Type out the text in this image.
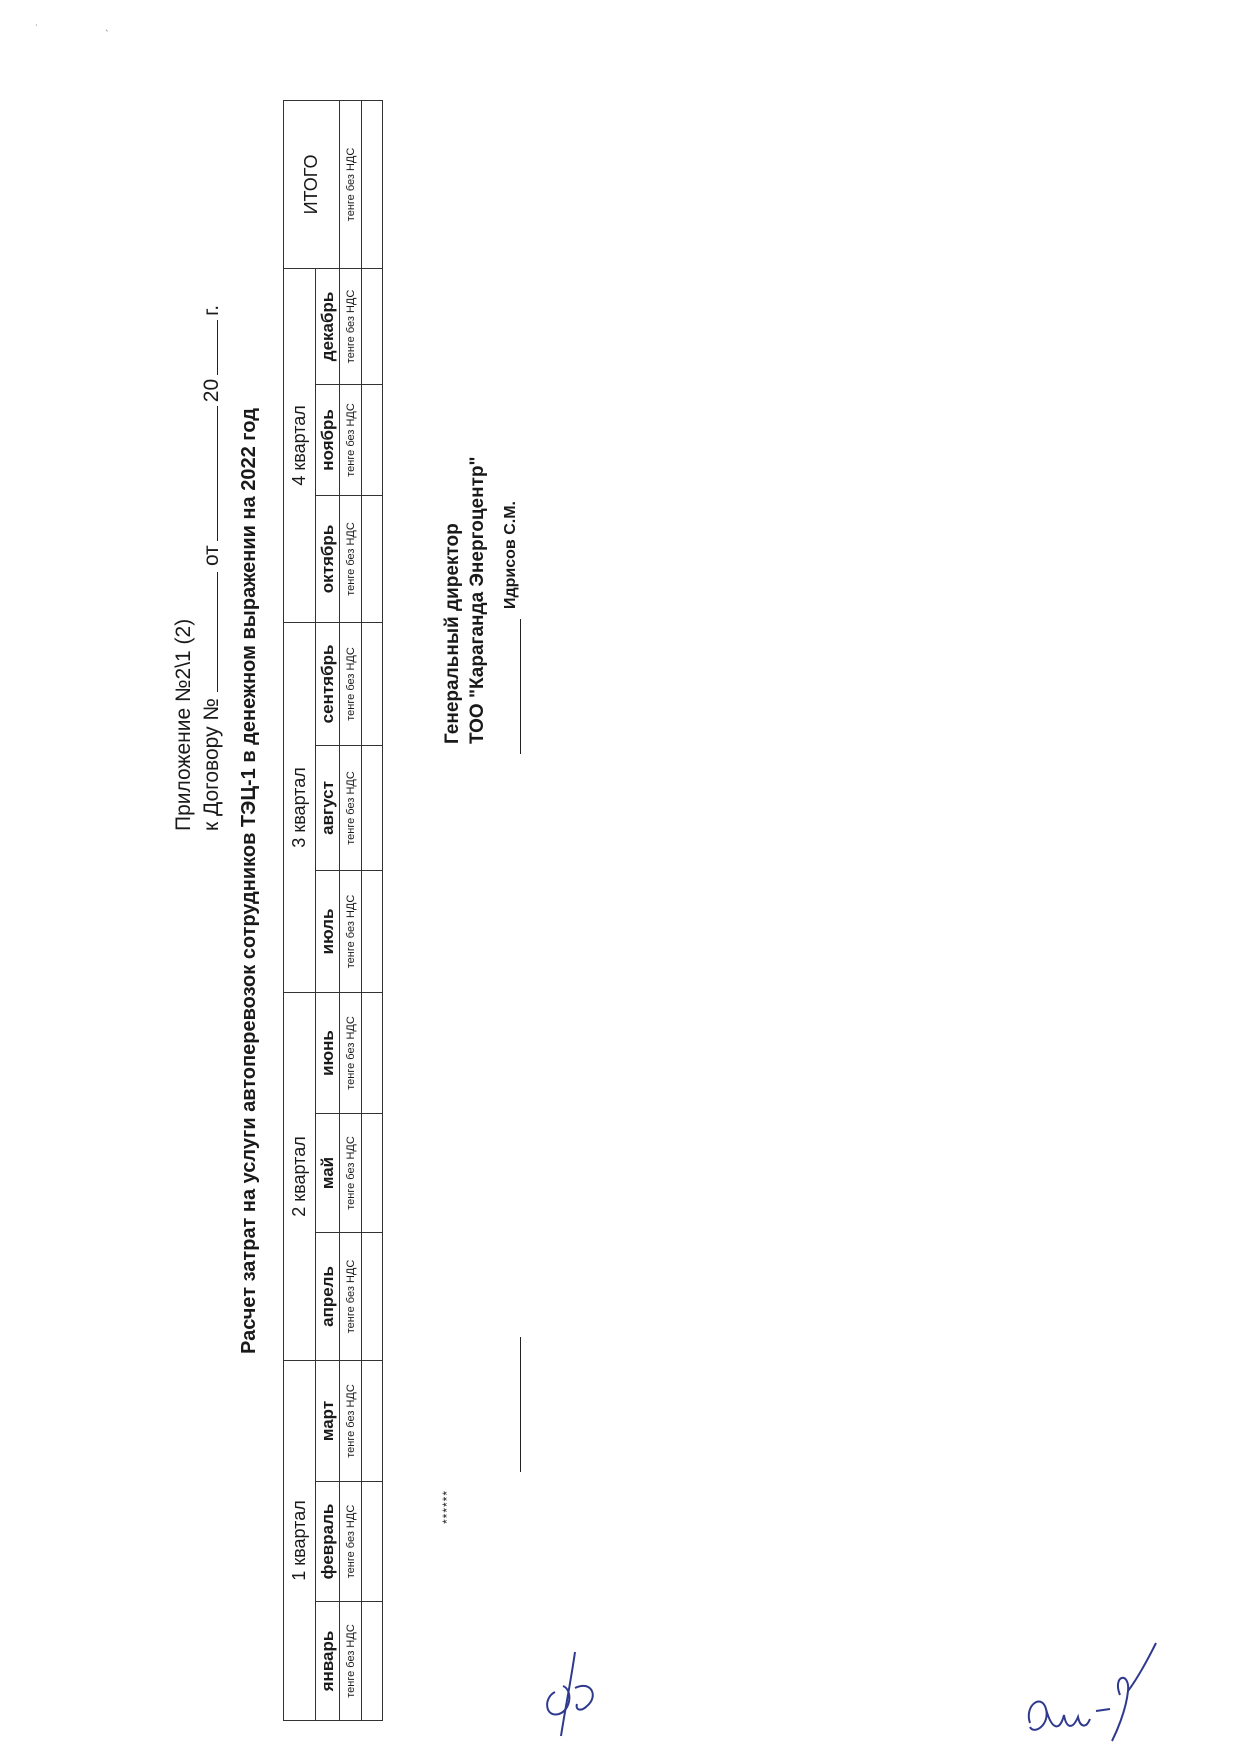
Приложение №2\1 (2) к Договору №от20г.
Расчет затрат на услуги автоперевозок сотрудников ТЭЦ-1 в денежном выражении на 2022 год
1 квартал			2 квартал			3 квартал			4 квартал			ИТОГО
январь	февраль	март	апрель	май	июнь	июль	август	сентябрь	октябрь	ноябрь	декабрь	
тенге без НДС	тенге без НДС	тенге без НДС	тенге без НДС	тенге без НДС	тенге без НДС	тенге без НДС	тенге без НДС	тенге без НДС	тенге без НДС	тенге без НДС	тенге без НДС	тенге без НДС

******
Генеральный директор ТОО "Караганда Энергоцентр" Идрисов С.М.
˙	ˎ
